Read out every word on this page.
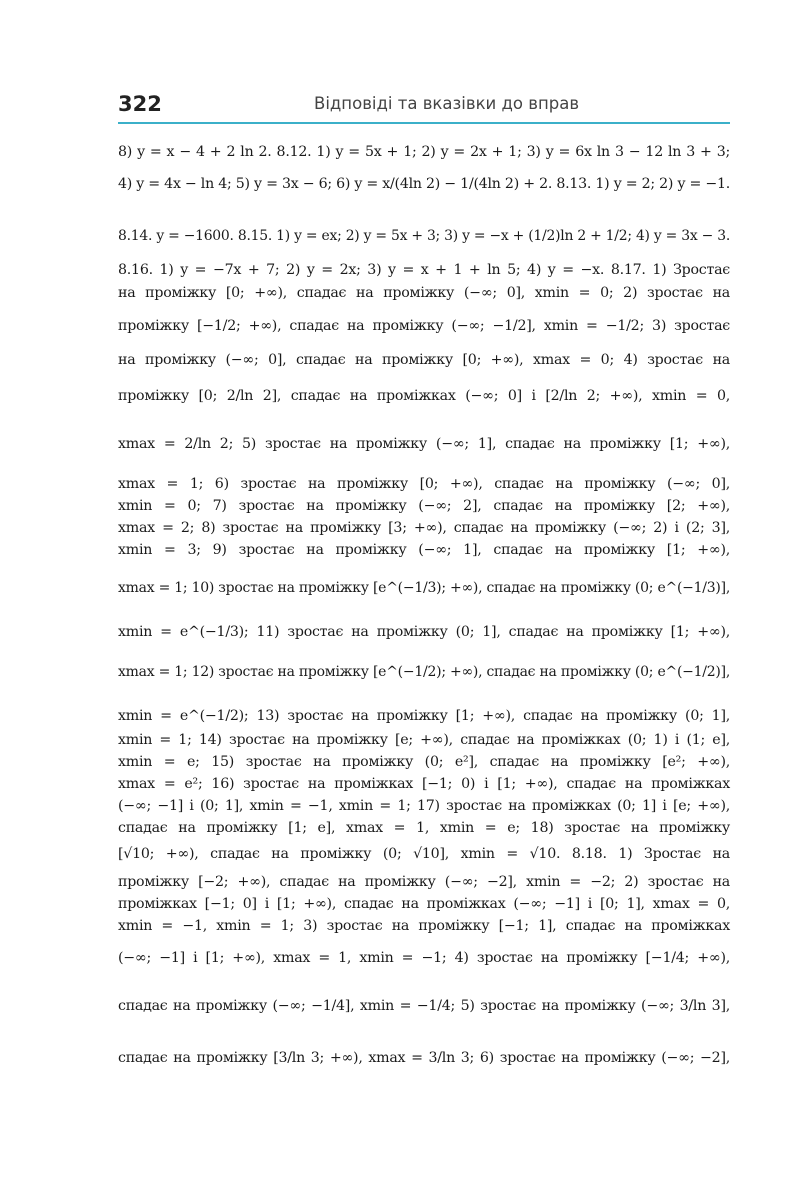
322	Відповіді та вказівки до вправ
8) y = x − 4 + 2 ln 2. 8.12. 1) y = 5x + 1; 2) y = 2x + 1; 3) y = 6x ln 3 − 12 ln 3 + 3;
4) y = 4x − ln 4; 5) y = 3x − 6; 6) y = x/(4ln 2) − 1/(4ln 2) + 2. 8.13. 1) y = 2; 2) y = −1.
8.14. y = −1600. 8.15. 1) y = ex; 2) y = 5x + 3; 3) y = −x + (1/2)ln 2 + 1/2; 4) y = 3x − 3.
8.16. 1) y = −7x + 7; 2) y = 2x; 3) y = x + 1 + ln 5; 4) y = −x. 8.17. 1) Зростає
на проміжку [0; +∞), спадає на проміжку (−∞; 0], xmin = 0; 2) зростає на
проміжку [−1/2; +∞), спадає на проміжку (−∞; −1/2], xmin = −1/2; 3) зростає
на проміжку (−∞; 0], спадає на проміжку [0; +∞), xmax = 0; 4) зростає на
проміжку [0; 2/ln 2], спадає на проміжках (−∞; 0] і [2/ln 2; +∞), xmin = 0,
xmax = 2/ln 2; 5) зростає на проміжку (−∞; 1], спадає на проміжку [1; +∞),
xmax = 1; 6) зростає на проміжку [0; +∞), спадає на проміжку (−∞; 0],
xmin = 0; 7) зростає на проміжку (−∞; 2], спадає на проміжку [2; +∞),
xmax = 2; 8) зростає на проміжку [3; +∞), спадає на проміжку (−∞; 2) і (2; 3],
xmin = 3; 9) зростає на проміжку (−∞; 1], спадає на проміжку [1; +∞),
xmax = 1; 10) зростає на проміжку [e^(−1/3); +∞), спадає на проміжку (0; e^(−1/3)],
xmin = e^(−1/3); 11) зростає на проміжку (0; 1], спадає на проміжку [1; +∞),
xmax = 1; 12) зростає на проміжку [e^(−1/2); +∞), спадає на проміжку (0; e^(−1/2)],
xmin = e^(−1/2); 13) зростає на проміжку [1; +∞), спадає на проміжку (0; 1],
xmin = 1; 14) зростає на проміжку [e; +∞), спадає на проміжках (0; 1) і (1; e],
xmin = e; 15) зростає на проміжку (0; e²], спадає на проміжку [e²; +∞),
xmax = e²; 16) зростає на проміжках [−1; 0) і [1; +∞), спадає на проміжках
(−∞; −1] і (0; 1], xmin = −1, xmin = 1; 17) зростає на проміжках (0; 1] і [e; +∞),
спадає на проміжку [1; e], xmax = 1, xmin = e; 18) зростає на проміжку
[√10; +∞), спадає на проміжку (0; √10], xmin = √10. 8.18. 1) Зростає на
проміжку [−2; +∞), спадає на проміжку (−∞; −2], xmin = −2; 2) зростає на
проміжках [−1; 0] і [1; +∞), спадає на проміжках (−∞; −1] і [0; 1], xmax = 0,
xmin = −1, xmin = 1; 3) зростає на проміжку [−1; 1], спадає на проміжках
(−∞; −1] і [1; +∞), xmax = 1, xmin = −1; 4) зростає на проміжку [−1/4; +∞),
спадає на проміжку (−∞; −1/4], xmin = −1/4; 5) зростає на проміжку (−∞; 3/ln 3],
спадає на проміжку [3/ln 3; +∞), xmax = 3/ln 3; 6) зростає на проміжку (−∞; −2],
